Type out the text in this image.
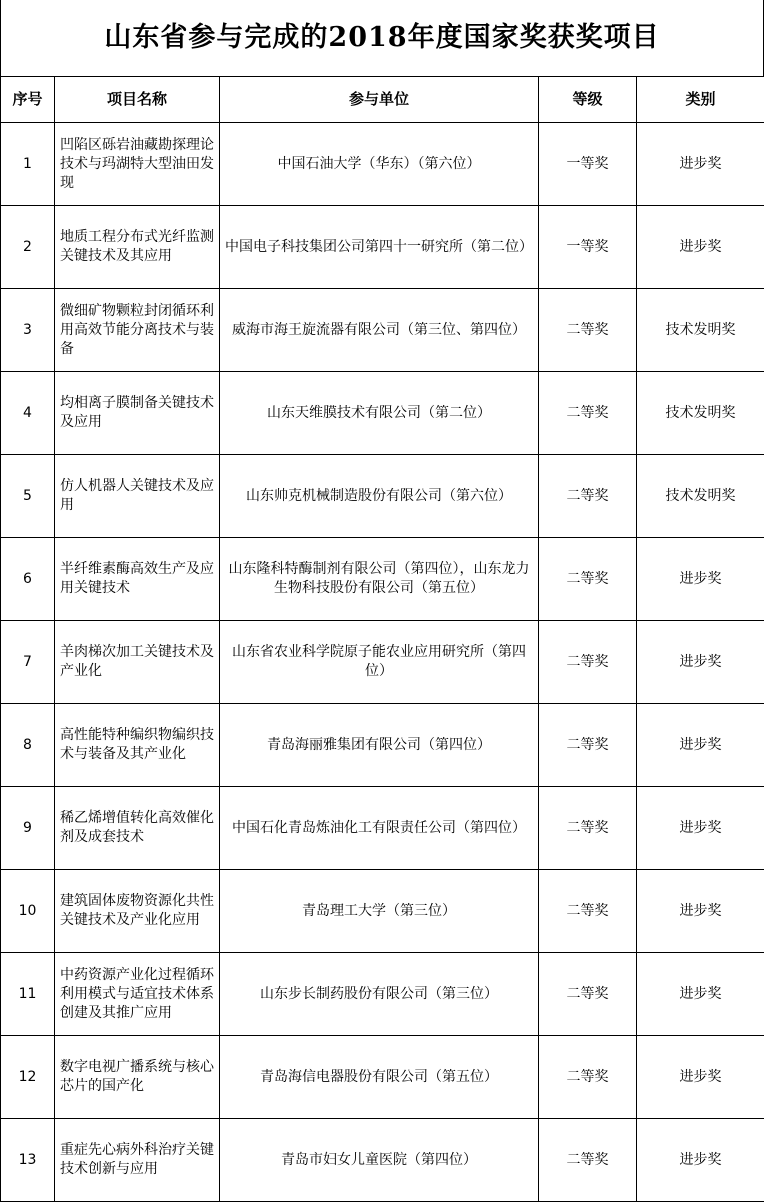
山东省参与完成的2018年度国家奖获奖项目
序号	项目名称	参与单位	等级	类别
1	凹陷区砾岩油藏勘探理论技术与玛湖特大型油田发现	中国石油大学（华东）（第六位）	一等奖	进步奖
2	地质工程分布式光纤监测关键技术及其应用	中国电子科技集团公司第四十一研究所（第二位）	一等奖	进步奖
3	微细矿物颗粒封闭循环利用高效节能分离技术与装备	威海市海王旋流器有限公司（第三位、第四位）	二等奖	技术发明奖
4	均相离子膜制备关键技术及应用	山东天维膜技术有限公司（第二位）	二等奖	技术发明奖
5	仿人机器人关键技术及应用	山东帅克机械制造股份有限公司（第六位）	二等奖	技术发明奖
6	半纤维素酶高效生产及应用关键技术	山东隆科特酶制剂有限公司（第四位），山东龙力生物科技股份有限公司（第五位）	二等奖	进步奖
7	羊肉梯次加工关键技术及产业化	山东省农业科学院原子能农业应用研究所（第四位）	二等奖	进步奖
8	高性能特种编织物编织技术与装备及其产业化	青岛海丽雅集团有限公司（第四位）	二等奖	进步奖
9	稀乙烯增值转化高效催化剂及成套技术	中国石化青岛炼油化工有限责任公司（第四位）	二等奖	进步奖
10	建筑固体废物资源化共性关键技术及产业化应用	青岛理工大学（第三位）	二等奖	进步奖
11	中药资源产业化过程循环利用模式与适宜技术体系创建及其推广应用	山东步长制药股份有限公司（第三位）	二等奖	进步奖
12	数字电视广播系统与核心芯片的国产化	青岛海信电器股份有限公司（第五位）	二等奖	进步奖
13	重症先心病外科治疗关键技术创新与应用	青岛市妇女儿童医院（第四位）	二等奖	进步奖
